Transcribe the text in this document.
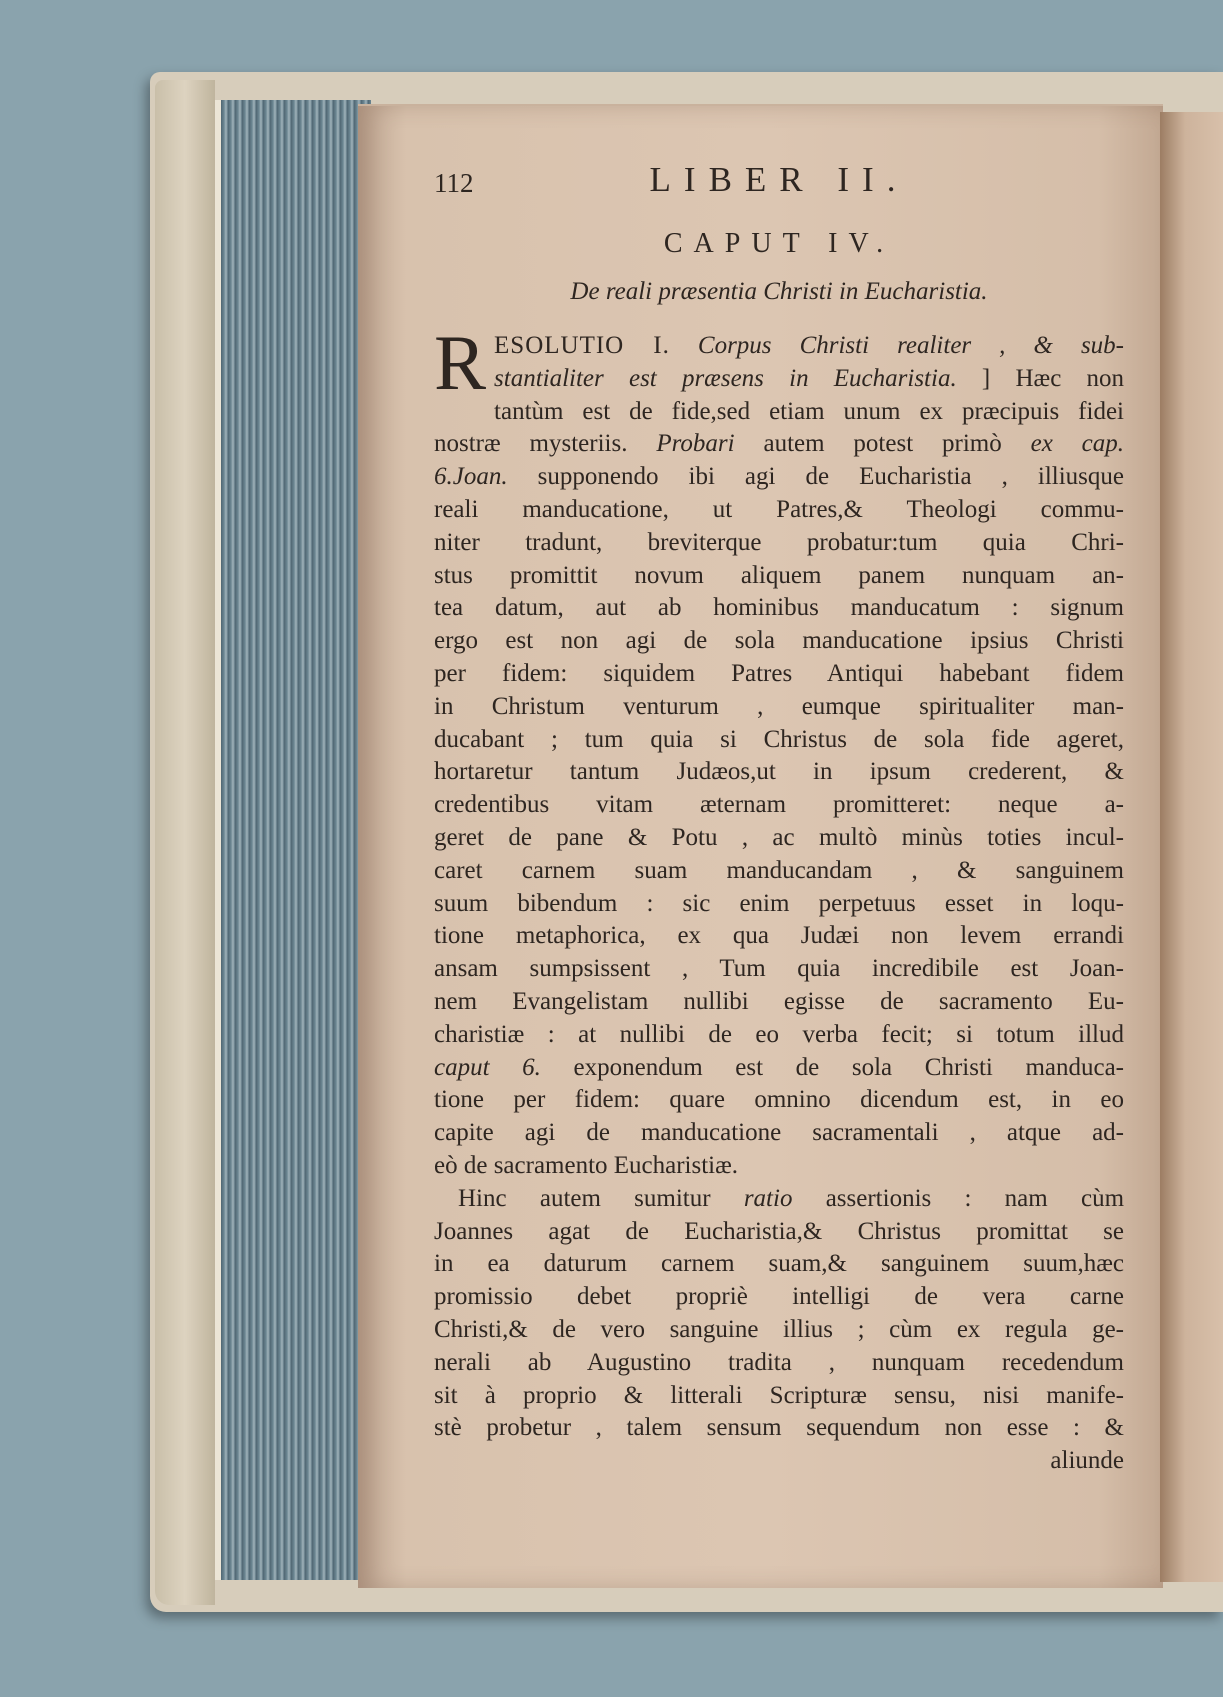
LIBER II.
112
CAPUT IV.
De reali præsentia Christi in Eucharistia.
R ESOLUTIO I. Corpus Christi realiter , & sub-
stantialiter est præsens in Eucharistia. ] Hæc non
tantùm est de fide,sed etiam unum ex præcipuis fidei
nostræ mysteriis. Probari autem potest primò ex cap.
6.Joan. supponendo ibi agi de Eucharistia , illiusque
reali manducatione, ut Patres,& Theologi commu-
niter tradunt, breviterque probatur:tum quia Chri-
stus promittit novum aliquem panem nunquam an-
tea datum, aut ab hominibus manducatum : signum
ergo est non agi de sola manducatione ipsius Christi
per fidem: siquidem Patres Antiqui habebant fidem
in Christum venturum , eumque spiritualiter man-
ducabant ; tum quia si Christus de sola fide ageret,
hortaretur tantum Judæos,ut in ipsum crederent, &
credentibus vitam æternam promitteret: neque a-
geret de pane & Potu , ac multò minùs toties incul-
caret carnem suam manducandam , & sanguinem
suum bibendum : sic enim perpetuus esset in loqu-
tione metaphorica, ex qua Judæi non levem errandi
ansam sumpsissent , Tum quia incredibile est Joan-
nem Evangelistam nullibi egisse de sacramento Eu-
charistiæ : at nullibi de eo verba fecit; si totum illud
caput 6. exponendum est de sola Christi manduca-
tione per fidem: quare omnino dicendum est, in eo
capite agi de manducatione sacramentali , atque ad-
eò de sacramento Eucharistiæ.
Hinc autem sumitur ratio assertionis : nam cùm
Joannes agat de Eucharistia,& Christus promittat se
in ea daturum carnem suam,& sanguinem suum,hæc
promissio debet propriè intelligi de vera carne
Christi,& de vero sanguine illius ; cùm ex regula ge-
nerali ab Augustino tradita , nunquam recedendum
sit à proprio & litterali Scripturæ sensu, nisi manife-
stè probetur , talem sensum sequendum non esse : &
aliunde
